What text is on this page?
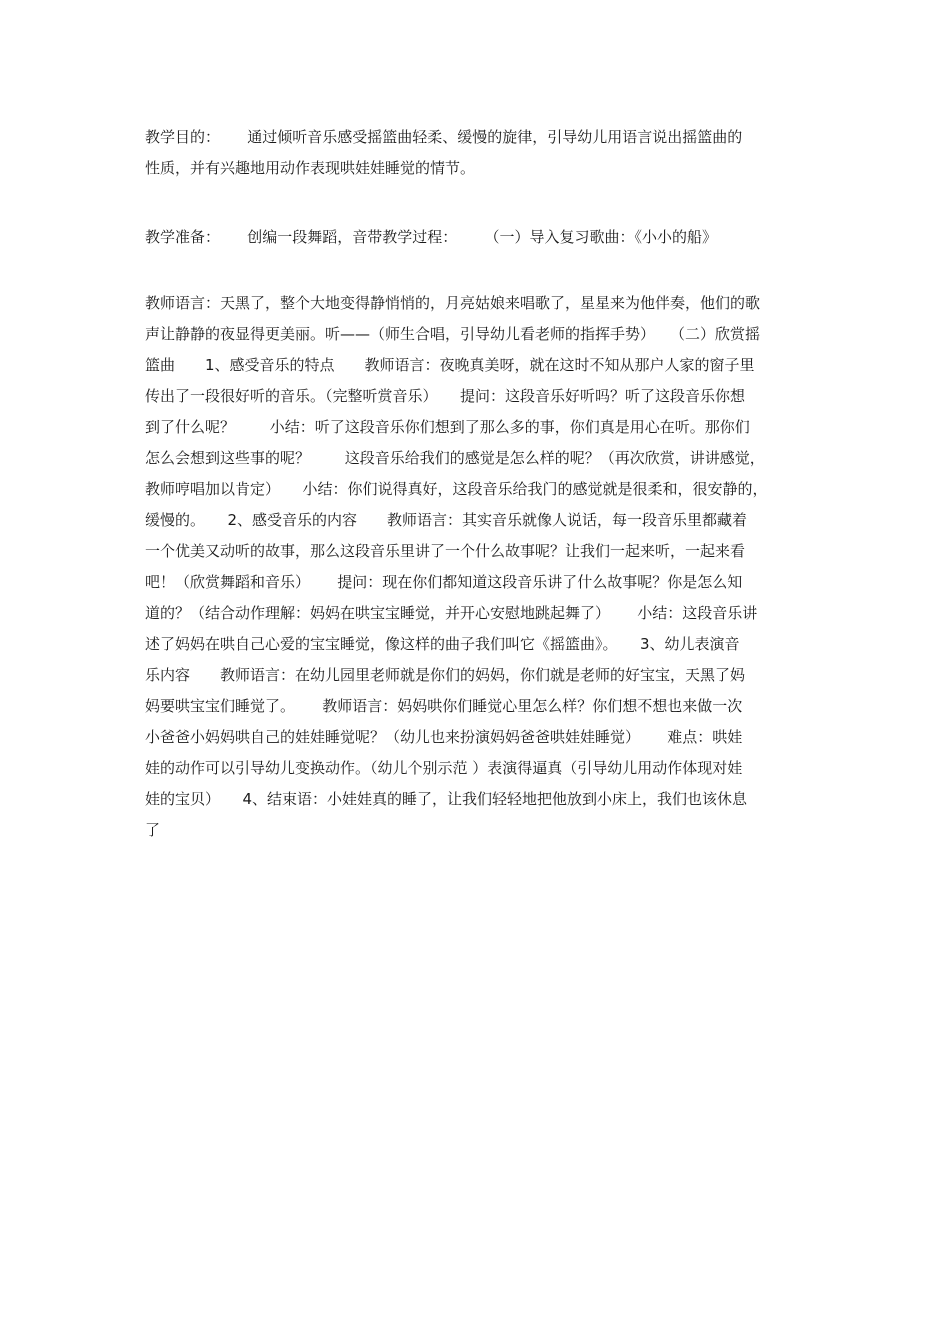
教学目的：　　 通过倾听音乐感受摇篮曲轻柔、缓慢的旋律，引导幼儿用语言说出摇篮曲的
性质，并有兴趣地用动作表现哄娃娃睡觉的情节。
教学准备：　　 创编一段舞蹈，音带教学过程：　　 （一）导入复习歌曲：《小小的船》
教师语言：天黑了，整个大地变得静悄悄的，月亮姑娘来唱歌了，星星来为他伴奏，他们的歌
声让静静的夜显得更美丽。听——（师生合唱，引导幼儿看老师的指挥手势）　　（二）欣赏摇
篮曲　　1、感受音乐的特点　　教师语言：夜晚真美呀，就在这时不知从那户人家的窗子里
传出了一段很好听的音乐。（完整听赏音乐）　　提问：这段音乐好听吗？听了这段音乐你想
到了什么呢？　　 小结：听了这段音乐你们想到了那么多的事，你们真是用心在听。那你们
怎么会想到这些事的呢？　　 这段音乐给我们的感觉是怎么样的呢？（再次欣赏，讲讲感觉，
教师哼唱加以肯定）　　小结：你们说得真好，这段音乐给我门的感觉就是很柔和，很安静的，
缓慢的。　　2、感受音乐的内容　　教师语言：其实音乐就像人说话，每一段音乐里都藏着
一个优美又动听的故事，那么这段音乐里讲了一个什么故事呢？让我们一起来听，一起来看
吧！（欣赏舞蹈和音乐）　　 提问：现在你们都知道这段音乐讲了什么故事呢？你是怎么知
道的？（结合动作理解：妈妈在哄宝宝睡觉，并开心安慰地跳起舞了）　　 小结：这段音乐讲
述了妈妈在哄自己心爱的宝宝睡觉，像这样的曲子我们叫它《摇篮曲》。　　3、幼儿表演音
乐内容　　教师语言：在幼儿园里老师就是你们的妈妈，你们就是老师的好宝宝，天黑了妈
妈要哄宝宝们睡觉了。　　 教师语言：妈妈哄你们睡觉心里怎么样？你们想不想也来做一次
小爸爸小妈妈哄自己的娃娃睡觉呢？（幼儿也来扮演妈妈爸爸哄娃娃睡觉）　　 难点：哄娃
娃的动作可以引导幼儿变换动作。（幼儿个别示范 ）表演得逼真（引导幼儿用动作体现对娃
娃的宝贝）　　4、结束语：小娃娃真的睡了，让我们轻轻地把他放到小床上，我们也该休息
了
